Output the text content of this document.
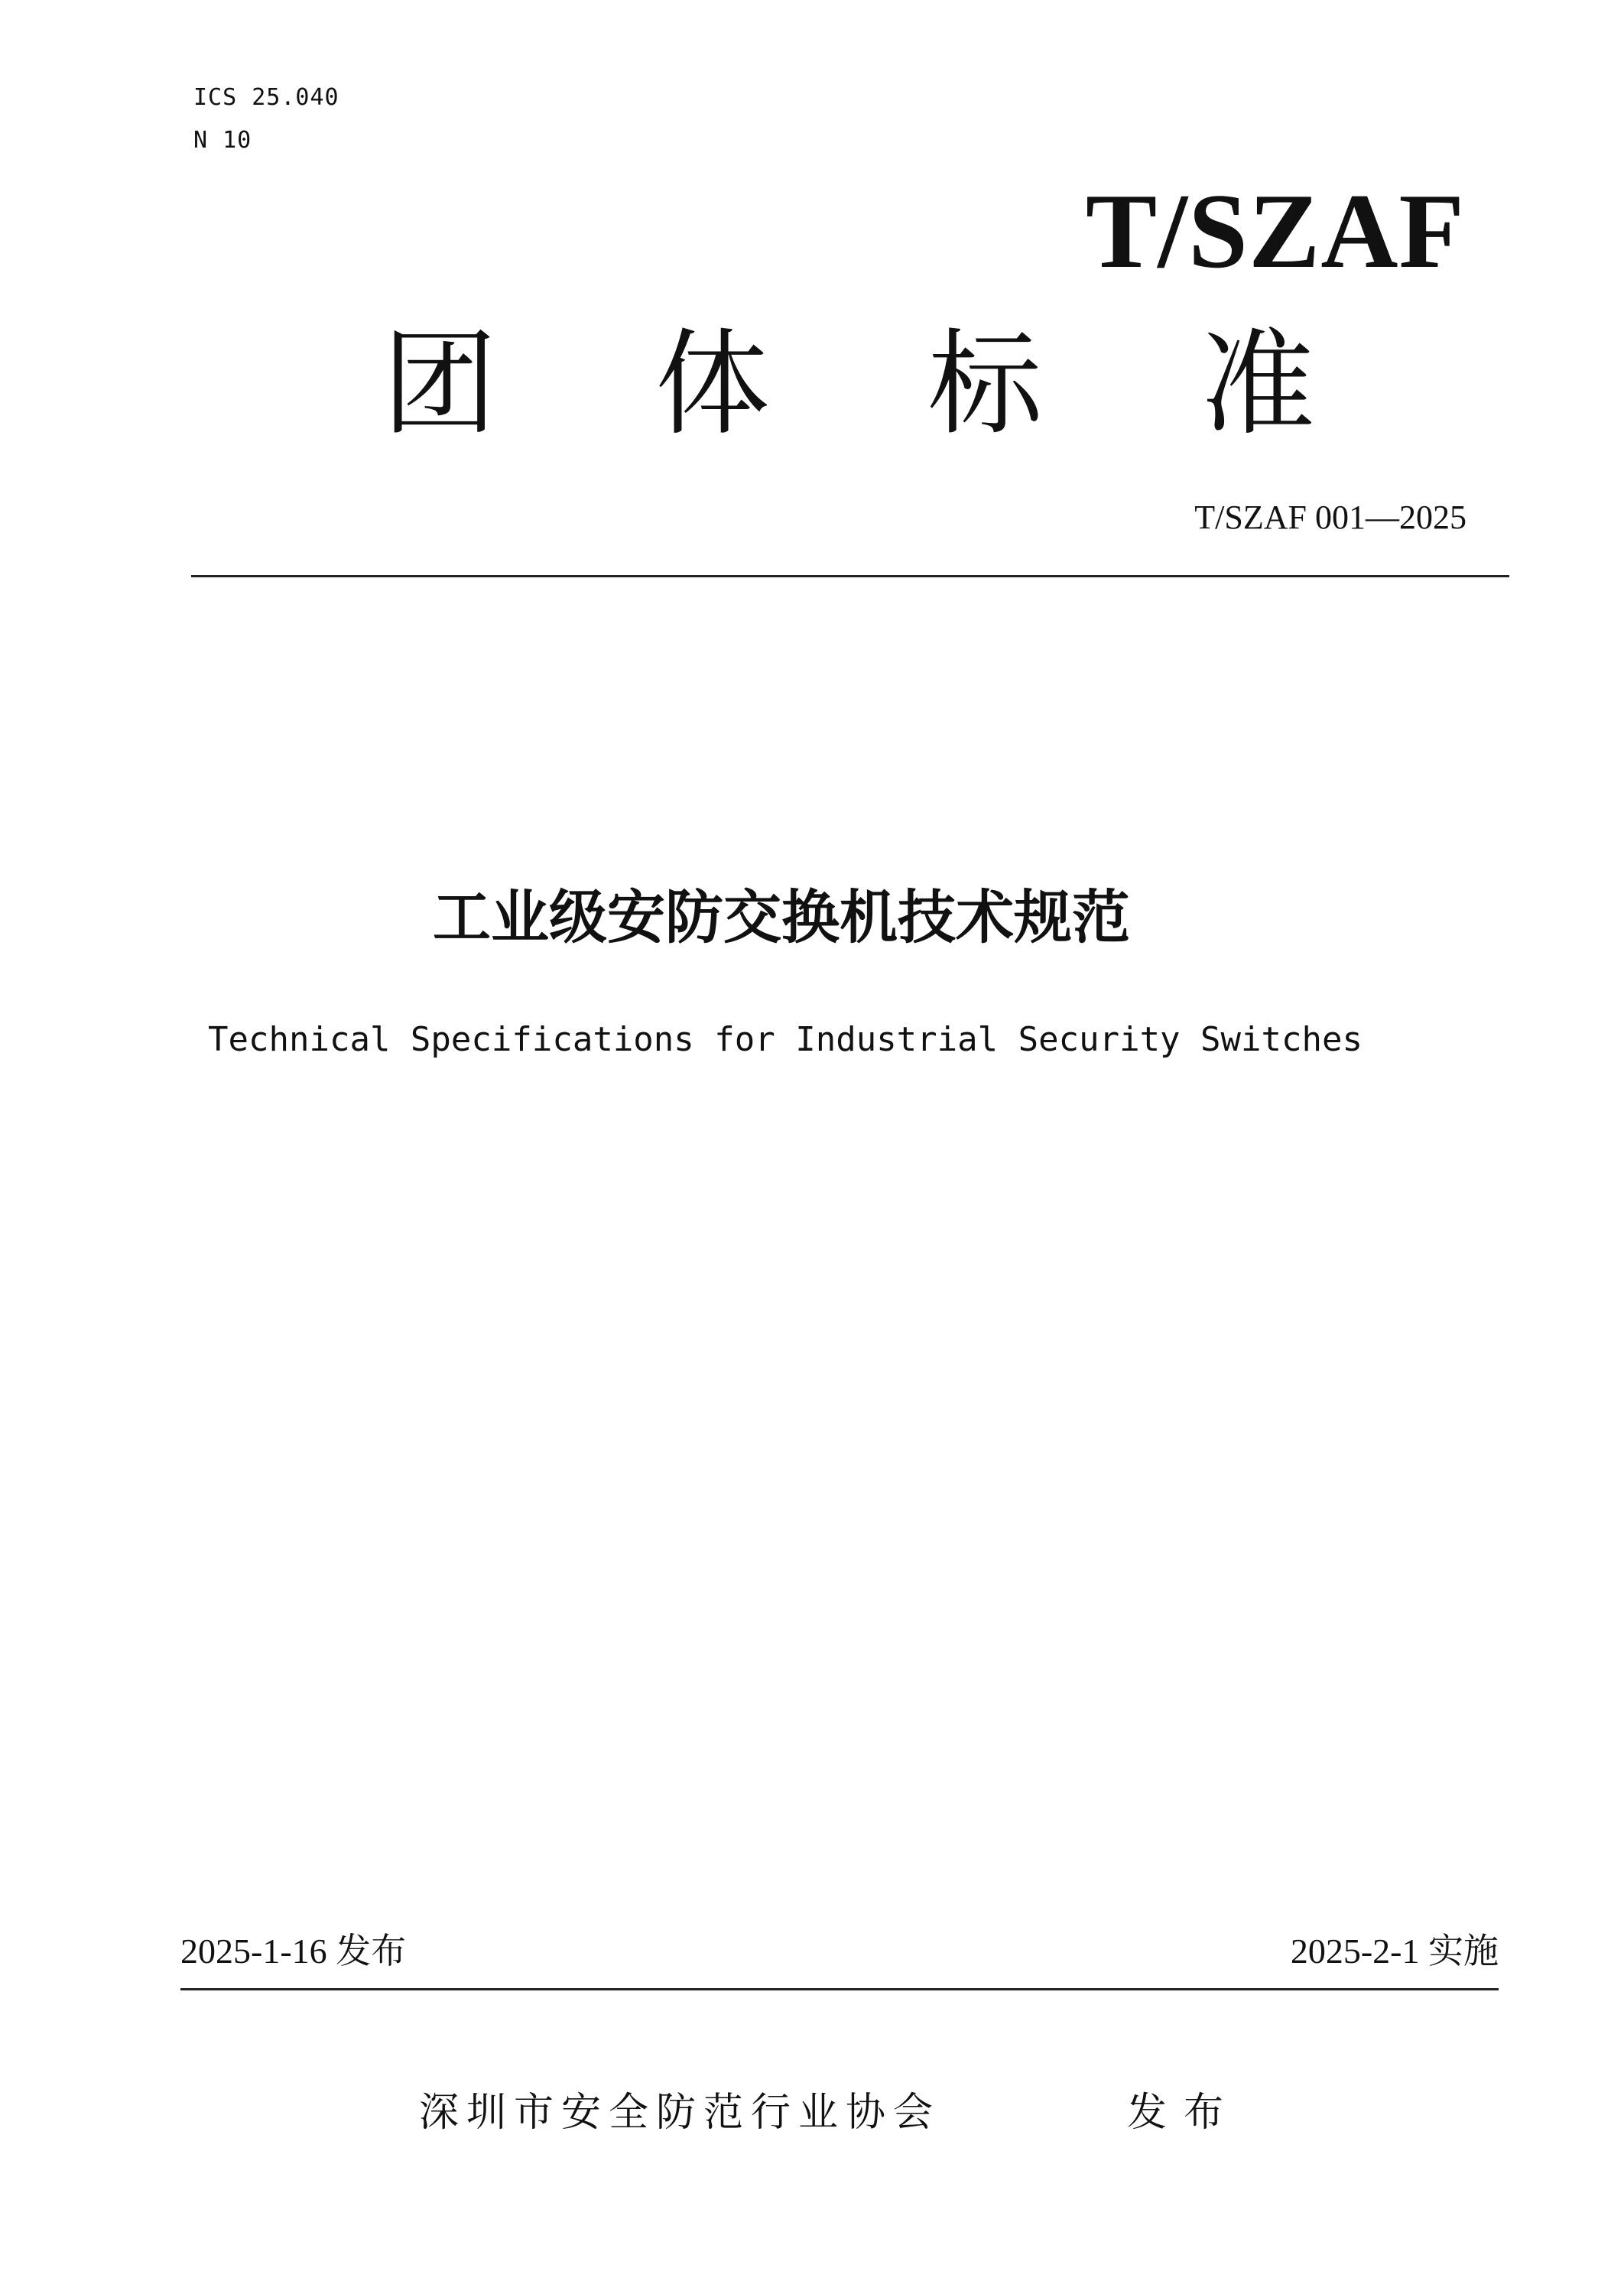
ICS 25.040
N 10
T/SZAF
团 体 标 准
T/SZAF 001—2025
工业级安防交换机技术规范
Technical Specifications for Industrial Security Switches
2025-1-16 发布	2025-2-1 实施
深圳市安全防范行业协会	发布
